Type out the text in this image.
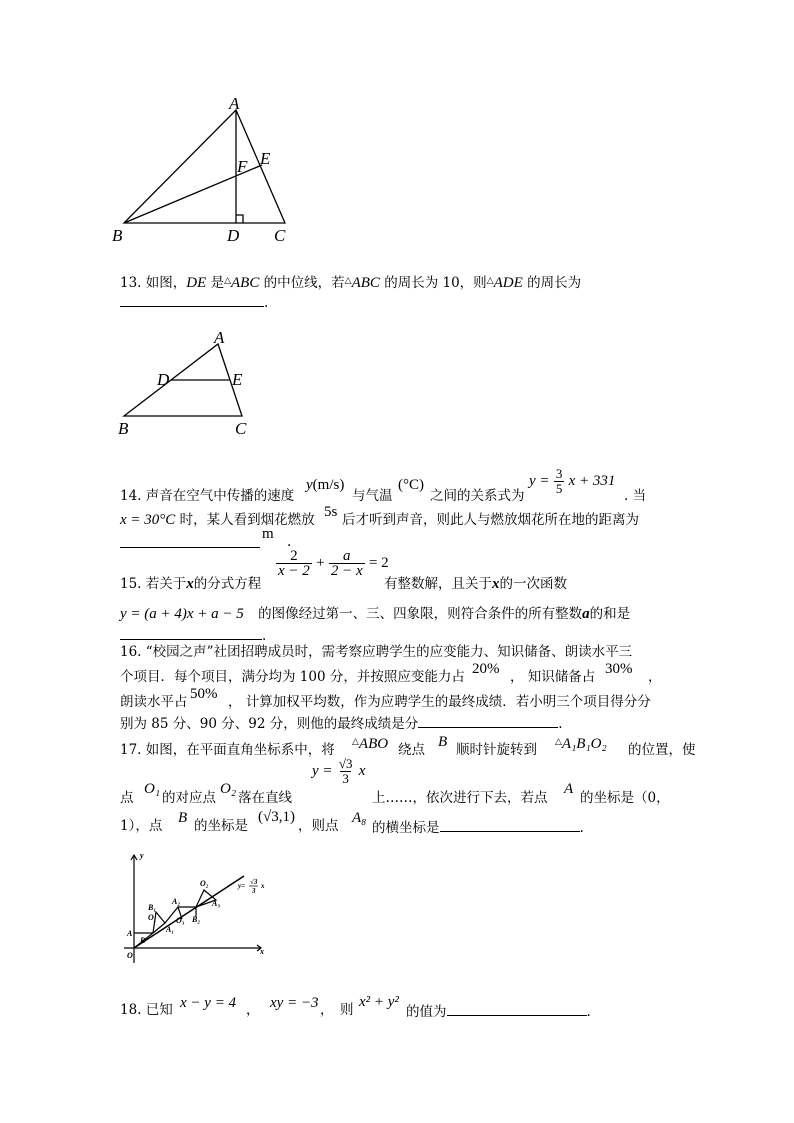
A
B	D C
F E
13. 如图，DE 是△ABC 的中位线，若△ABC 的周长为 10，则△ADE 的周长为
.
A
D	E
B	C
14. 声音在空气中传播的速度
y(m/s)
与气温
(°C)
之间的关系式为
$y = \frac{3}{5}$ x + 331
. 当
x = 30°C 时，某人看到烟花燃放 5s 后才听到声音，则此人与燃放烟花所在地的距离为
m .
15. 若关于x的分式方程
$\frac{2}{x - 2} + \frac{a}{2 - x} = 2$
有整数解，且关于x的一次函数
y = (a + 4)x + a − 5 的图像经过第一、三、四象限，则符合条件的所有整数a的和是
.
16. “校园之声”社团招聘成员时，需考察应聘学生的应变能力、知识储备、朗读水平三
个项目．每个项目，满分均为 100 分，并按照应变能力占 20% ， 知识储备占 30% ，
朗读水平占 50% ， 计算加权平均数，作为应聘学生的最终成绩．若小明三个项目得分分
别为 85 分、90 分、92 分，则他的最终成绩是分	.
17. 如图，在平面直角坐标系中，将 △ABO 绕点 B 顺时针旋转到 △A₁B₁O₂ 的位置，使
点
O₁
的对应点
O₂
落在直线
$y = \frac{√3}{3}$ x
上……，依次进行下去，若点
A
的坐标是（0，
1），点 B 的坐标是
(√3,1)
，则点 A₈
的横坐标是	.
y
x
O
A
B
B₁
O₁
A₁
O₃
A₂
B₂
O₂
A₃
y= √3
3
x
18. 已知 x − y = 4 ， xy = −3 ， 则 x² + y²
的值为	.
